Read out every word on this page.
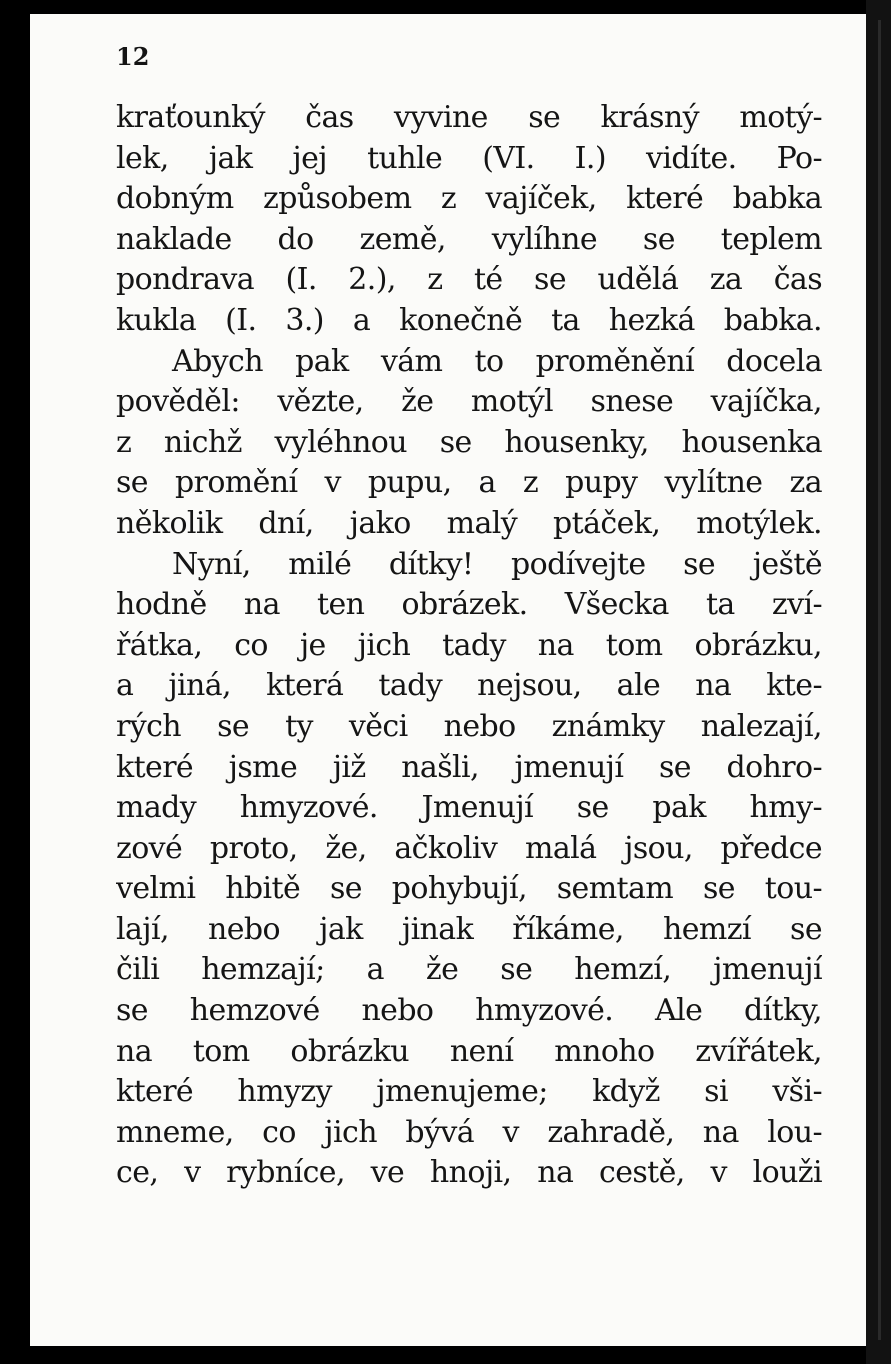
12

kraťounký čas vyvine se krásný motý-
lek, jak jej tuhle (VI. I.) vidíte. Po-
dobným způsobem z vajíček, které babka
naklade do země, vylíhne se teplem
pondrava (I. 2.), z té se udělá za čas
kukla (I. 3.) a konečně ta hezká babka.
Abych pak vám to proměnění docela
pověděl: vězte, že motýl snese vajíčka,
z nichž vyléhnou se housenky, housenka
se promění v pupu, a z pupy vylítne za
několik dní, jako malý ptáček, motýlek.
Nyní, milé dítky! podívejte se ještě
hodně na ten obrázek. Všecka ta zví-
řátka, co je jich tady na tom obrázku,
a jiná, která tady nejsou, ale na kte-
rých se ty věci nebo známky nalezají,
které jsme již našli, jmenují se dohro-
mady hmyzové. Jmenují se pak hmy-
zové proto, že, ačkoliv malá jsou, předce
velmi hbitě se pohybují, semtam se tou-
lají, nebo jak jinak říkáme, hemzí se
čili hemzají; a že se hemzí, jmenují
se hemzové nebo hmyzové. Ale dítky,
na tom obrázku není mnoho zvířátek,
které hmyzy jmenujeme; když si vši-
mneme, co jich bývá v zahradě, na lou-
ce, v rybníce, ve hnoji, na cestě, v louži
